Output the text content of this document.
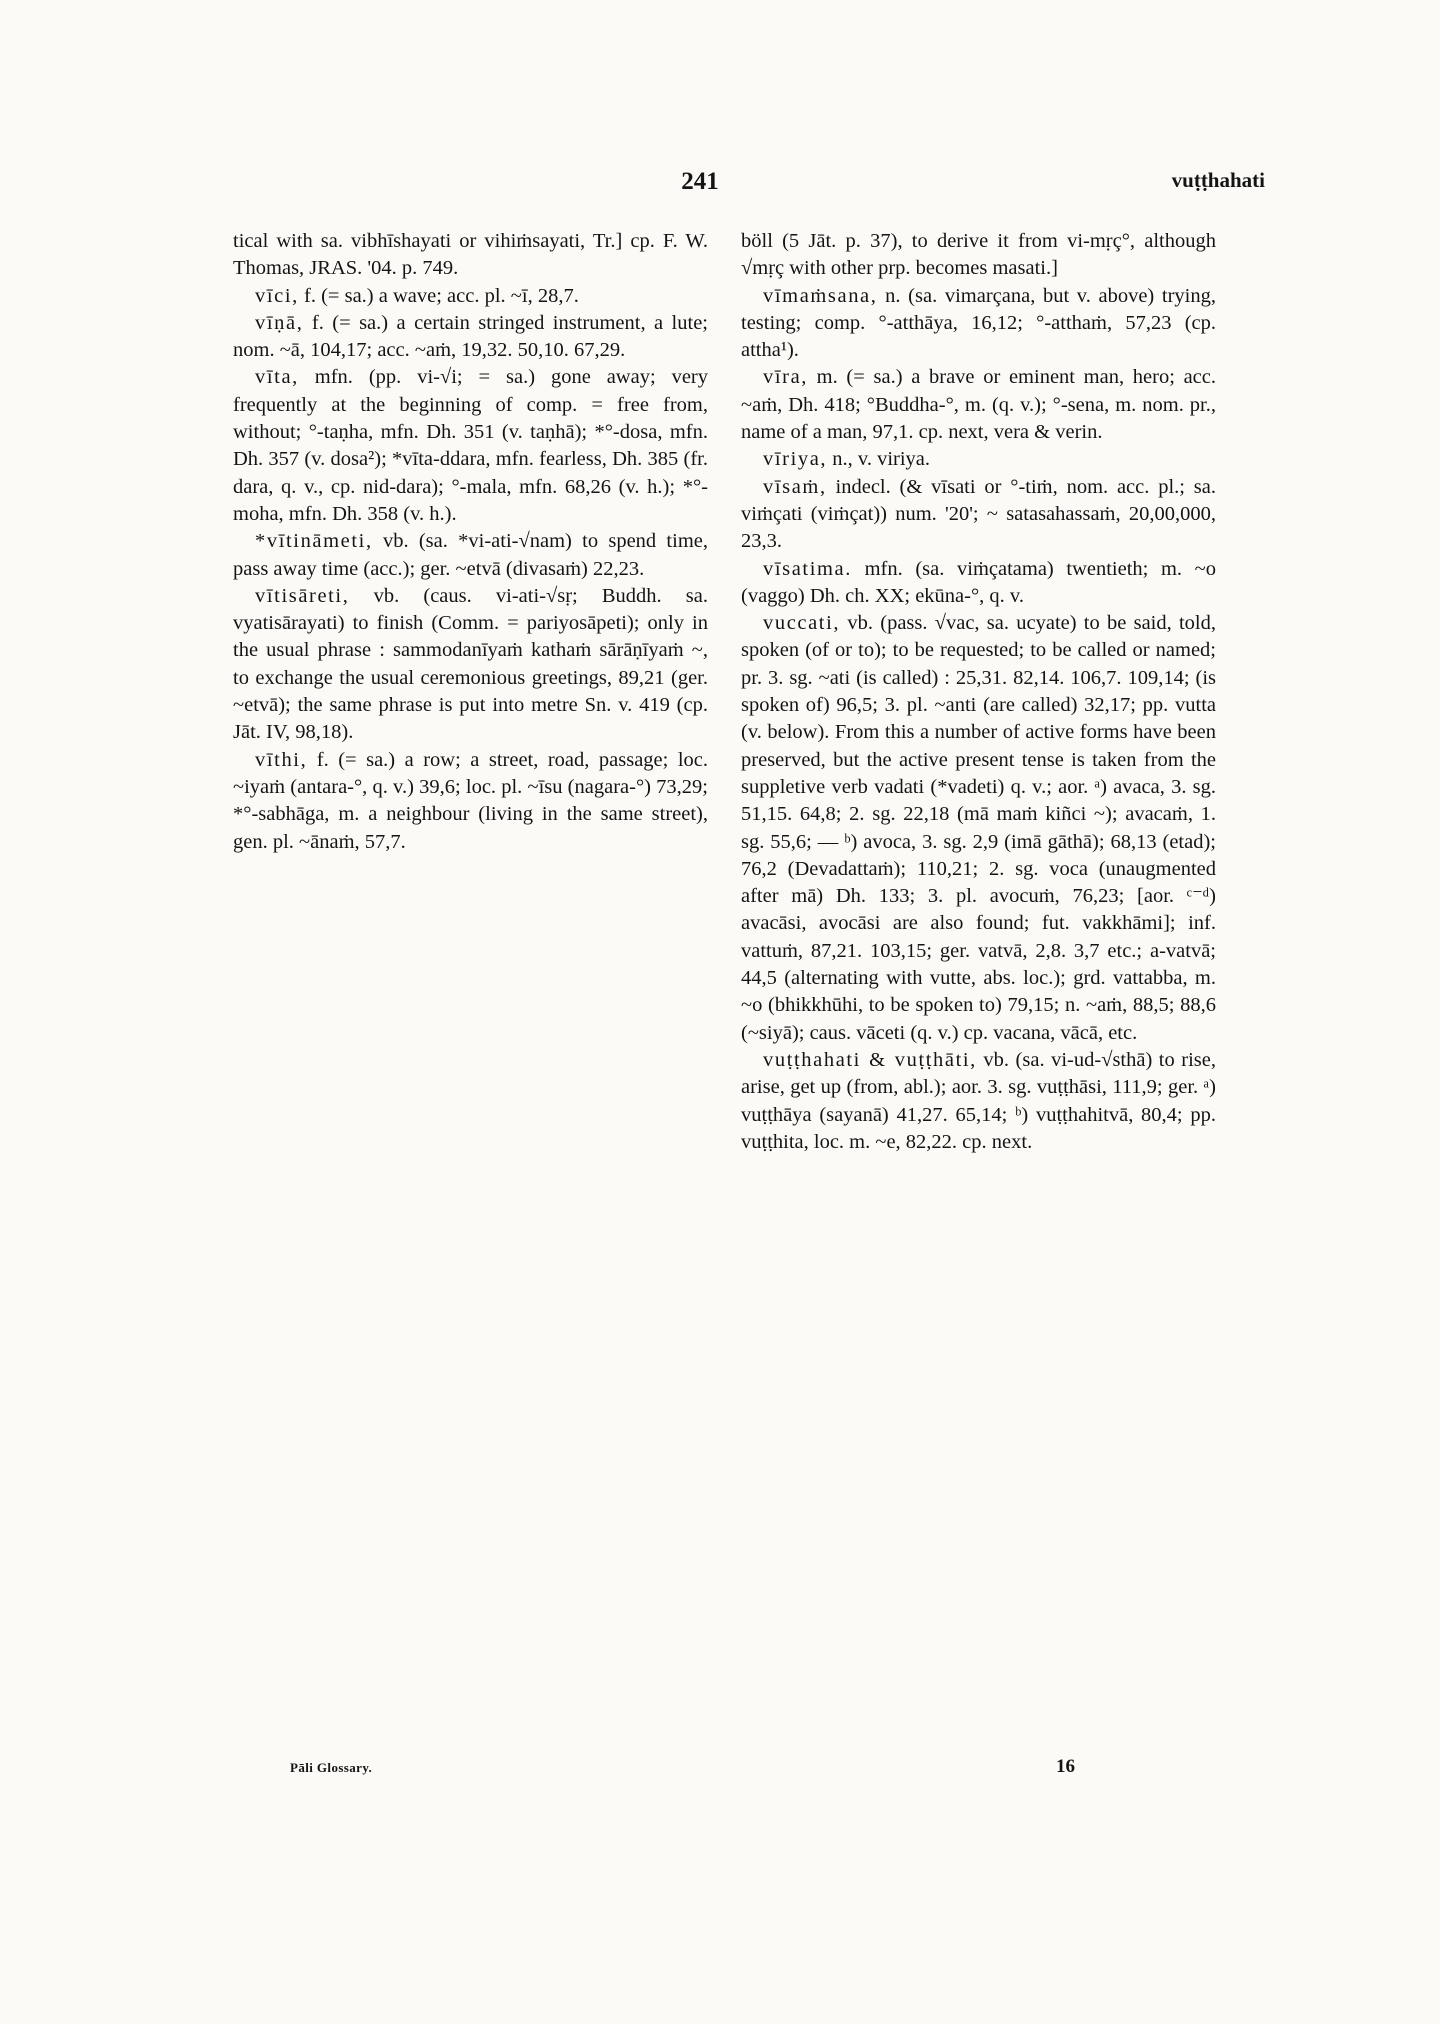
241	vuṭṭhahati

tical with sa. vibhīshayati or vihiṁsayati, Tr.] cp. F. W. Thomas, JRAS. '04. p. 749.

vīci, f. (= sa.) a wave; acc. pl. ~ī, 28,7.

vīṇā, f. (= sa.) a certain stringed instrument, a lute; nom. ~ā, 104,17; acc. ~aṁ, 19,32. 50,10. 67,29.

vīta, mfn. (pp. vi-√i; = sa.) gone away; very frequently at the beginning of comp. = free from, without; °-taṇha, mfn. Dh. 351 (v. taṇhā); *°-dosa, mfn. Dh. 357 (v. dosa²); *vīta-ddara, mfn. fearless, Dh. 385 (fr. dara, q. v., cp. nid-dara); °-mala, mfn. 68,26 (v. h.); *°-moha, mfn. Dh. 358 (v. h.).

*vītināmeti, vb. (sa. *vi-ati-√nam) to spend time, pass away time (acc.); ger. ~etvā (divasaṁ) 22,23.

vītisāreti, vb. (caus. vi-ati-√sṛ; Buddh. sa. vyatisārayati) to finish (Comm. = pariyosāpeti); only in the usual phrase : sammodanīyaṁ kathaṁ sārāṇīyaṁ ~, to exchange the usual ceremonious greetings, 89,21 (ger. ~etvā); the same phrase is put into metre Sn. v. 419 (cp. Jāt. IV, 98,18).

vīthi, f. (= sa.) a row; a street, road, passage; loc. ~iyaṁ (antara-°, q. v.) 39,6; loc. pl. ~īsu (nagara-°) 73,29; *°-sabhāga, m. a neighbour (living in the same street), gen. pl. ~ānaṁ, 57,7.

böll (5 Jāt. p. 37), to derive it from vi-mṛç°, although √mṛç with other prp. becomes masati.]

vīmaṁsana, n. (sa. vimarçana, but v. above) trying, testing; comp. °-atthāya, 16,12; °-atthaṁ, 57,23 (cp. attha¹).

vīra, m. (= sa.) a brave or eminent man, hero; acc. ~aṁ, Dh. 418; °Buddha-°, m. (q. v.); °-sena, m. nom. pr., name of a man, 97,1. cp. next, vera & verin.

vīriya, n., v. viriya.

vīsaṁ, indecl. (& vīsati or °-tiṁ, nom. acc. pl.; sa. viṁçati (viṁçat)) num. '20'; ~ satasahassaṁ, 20,00,000, 23,3.

vīsatima. mfn. (sa. viṁçatama) twentieth; m. ~o (vaggo) Dh. ch. XX; ekūna-°, q. v.

vuccati, vb. (pass. √vac, sa. ucyate) to be said, told, spoken (of or to); to be requested; to be called or named; pr. 3. sg. ~ati (is called) : 25,31. 82,14. 106,7. 109,14; (is spoken of) 96,5; 3. pl. ~anti (are called) 32,17; pp. vutta (v. below). From this a number of active forms have been preserved, but the active present tense is taken from the suppletive verb vadati (*vadeti) q. v.; aor. ᵃ) avaca, 3. sg. 51,15. 64,8; 2. sg. 22,18 (mā maṁ kiñci ~); avacaṁ, 1. sg. 55,6; — ᵇ) avoca, 3. sg. 2,9 (imā gāthā); 68,13 (etad); 76,2 (Devadattaṁ); 110,21; 2. sg. voca (unaugmented after mā) Dh. 133; 3. pl. avocuṁ, 76,23; [aor. ᶜ⁻ᵈ) avacāsi, avocāsi are also found; fut. vakkhāmi]; inf. vattuṁ, 87,21. 103,15; ger. vatvā, 2,8. 3,7 etc.; a-vatvā; 44,5 (alternating with vutte, abs. loc.); grd. vattabba, m. ~o (bhikkhūhi, to be spoken to) 79,15; n. ~aṁ, 88,5; 88,6 (~siyā); caus. vāceti (q. v.) cp. vacana, vācā, etc.

vuṭṭhahati & vuṭṭhāti, vb. (sa. vi-ud-√sthā) to rise, arise, get up (from, abl.); aor. 3. sg. vuṭṭhāsi, 111,9; ger. ᵃ) vuṭṭhāya (sayanā) 41,27. 65,14; ᵇ) vuṭṭhahitvā, 80,4; pp. vuṭṭhita, loc. m. ~e, 82,22. cp. next.

Pāli Glossary.	16
